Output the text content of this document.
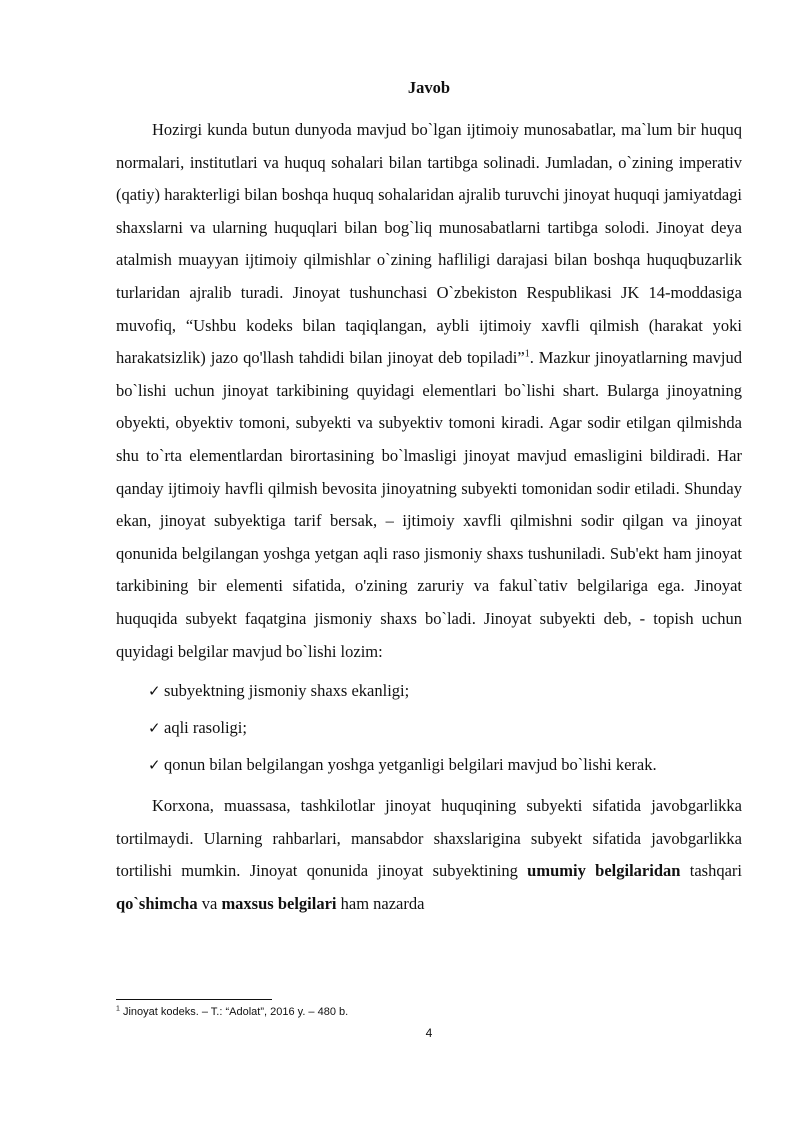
Javob

Hozirgi kunda butun dunyoda mavjud bo`lgan ijtimoiy munosabatlar, ma`lum bir huquq normalari, institutlari va huquq sohalari bilan tartibga solinadi. Jumladan, o`zining imperativ (qatiy) harakterligi bilan boshqa huquq sohalaridan ajralib turuvchi jinoyat huquqi jamiyatdagi shaxslarni va ularning huquqlari bilan bog`liq munosabatlarni tartibga solodi. Jinoyat deya atalmish muayyan ijtimoiy qilmishlar o`zining hafliligi darajasi bilan boshqa huquqbuzarlik turlaridan ajralib turadi. Jinoyat tushunchasi O`zbekiston Respublikasi JK 14-moddasiga muvofiq, “Ushbu kodeks bilan taqiqlangan, aybli ijtimoiy xavfli qilmish (harakat yoki harakatsizlik) jazo qo'llash tahdidi bilan jinoyat deb topiladi”$^1$. Mazkur jinoyatlarning mavjud bo`lishi uchun jinoyat tarkibining quyidagi elementlari bo`lishi shart. Bularga jinoyatning obyekti, obyektiv tomoni, subyekti va subyektiv tomoni kiradi. Agar sodir etilgan qilmishda shu to`rta elementlardan birortasining bo`lmasligi jinoyat mavjud emasligini bildiradi. Har qanday ijtimoiy havfli qilmish bevosita jinoyatning subyekti tomonidan sodir etiladi. Shunday ekan, jinoyat subyektiga tarif bersak, – ijtimoiy xavfli qilmishni sodir qilgan va jinoyat qonunida belgilangan yoshga yetgan aqli raso jismoniy shaxs tushuniladi. Sub'ekt ham jinoyat tarkibining bir elementi sifatida, o'zining zaruriy va fakul`tativ belgilariga ega. Jinoyat huquqida subyekt faqatgina jismoniy shaxs bo`ladi. Jinoyat subyekti deb, - topish uchun quyidagi belgilar mavjud bo`lishi lozim:

✓ subyektning jismoniy shaxs ekanligi;
✓ aqli rasoligi;
✓ qonun bilan belgilangan yoshga yetganligi belgilari mavjud bo`lishi kerak.

Korxona, muassasa, tashkilotlar jinoyat huquqining subyekti sifatida javobgarlikka tortilmaydi. Ularning rahbarlari, mansabdor shaxslarigina subyekt sifatida javobgarlikka tortilishi mumkin. Jinoyat qonunida jinoyat subyektining umumiy belgilaridan tashqari qo`shimcha va maxsus belgilari ham nazarda

$^1$ Jinoyat kodeks. – T.: “Adolat”, 2016 y. – 480 b.
4
